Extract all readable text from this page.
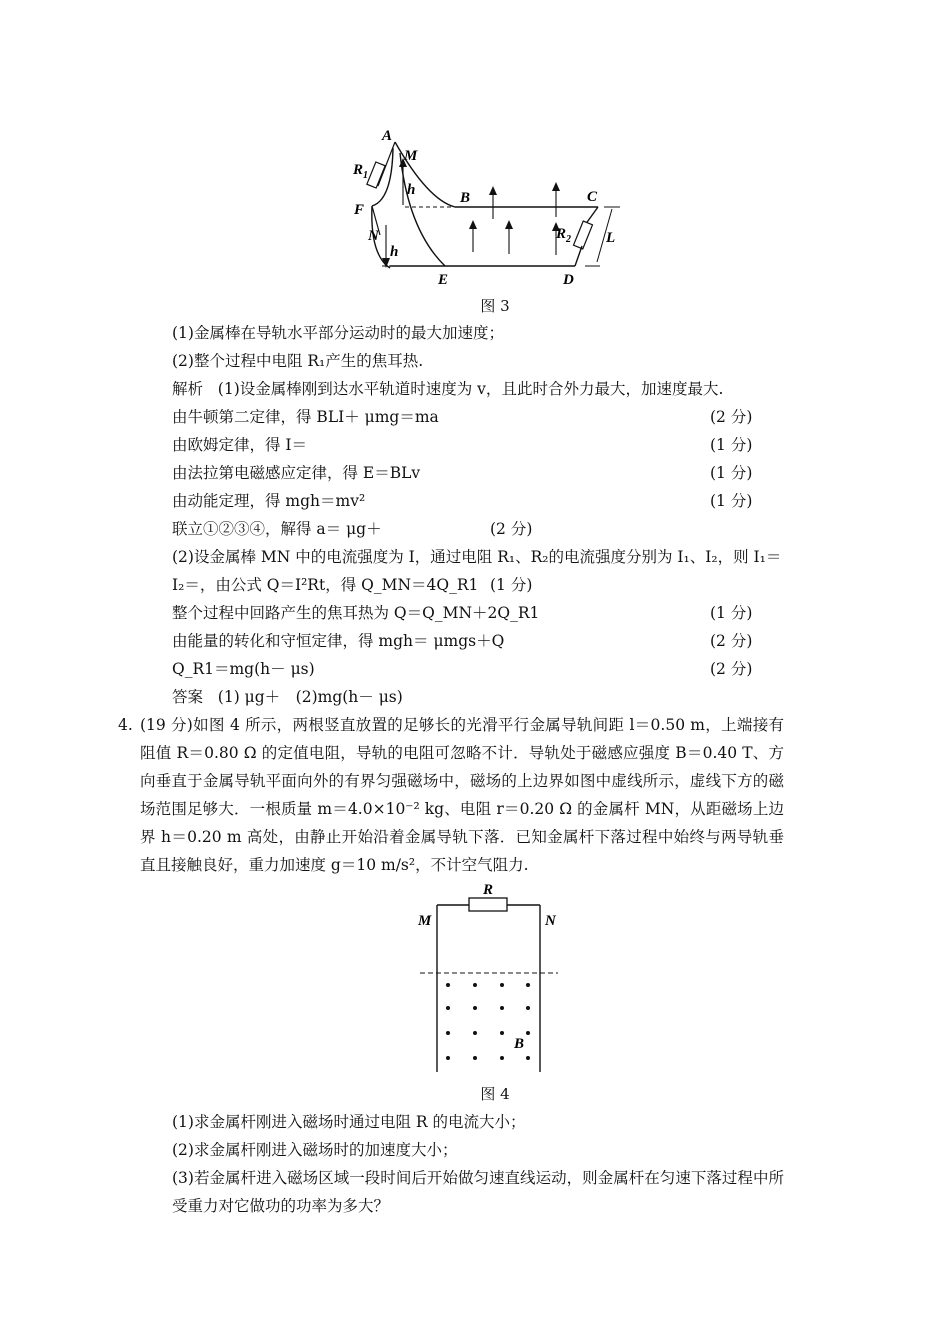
A
M
$R_1$
F
h
N
h
B	C
$R_2$ L
E	D
图 3
(1)金属棒在导轨水平部分运动时的最大加速度；
(2)整个过程中电阻 R₁产生的焦耳热.
解析 (1)设金属棒刚到达水平轨道时速度为 v，且此时合外力最大，加速度最大.
由牛顿第二定律，得 BLI＋ μmg＝ma	(2 分)
由欧姆定律，得 I＝	(1 分)
由法拉第电磁感应定律，得 E＝BLv	(1 分)
由动能定理，得 mgh＝mv²	(1 分)
联立①②③④，解得 a＝ μg＋	(2 分)
(2)设金属棒 MN 中的电流强度为 I，通过电阻 R₁、R₂的电流强度分别为 I₁、I₂，则 I₁＝
I₂＝，由公式 Q＝I²Rt，得 Q_MN＝4Q_R1 (1 分)
整个过程中回路产生的焦耳热为 Q＝Q_MN＋2Q_R1	(1 分)
由能量的转化和守恒定律，得 mgh＝ μmgs＋Q	(2 分)
Q_R1＝mg(h－ μs)	(2 分)
答案 (1) μg＋　(2)mg(h－ μs)
4. (19 分)如图 4 所示，两根竖直放置的足够长的光滑平行金属导轨间距 l＝0.50 m，上端接有阻值 R＝0.80 Ω 的定值电阻，导轨的电阻可忽略不计．导轨处于磁感应强度 B＝0.40 T、方向垂直于金属导轨平面向外的有界匀强磁场中，磁场的上边界如图中虚线所示，虚线下方的磁场范围足够大．一根质量 m＝4.0×10⁻² kg、电阻 r＝0.20 Ω 的金属杆 MN，从距磁场上边界 h＝0.20 m 高处，由静止开始沿着金属导轨下落．已知金属杆下落过程中始终与两导轨垂直且接触良好，重力加速度 g＝10 m/s²，不计空气阻力.
R
M	N
B
图 4
(1)求金属杆刚进入磁场时通过电阻 R 的电流大小；
(2)求金属杆刚进入磁场时的加速度大小；
(3)若金属杆进入磁场区域一段时间后开始做匀速直线运动，则金属杆在匀速下落过程中所受重力对它做功的功率为多大？
